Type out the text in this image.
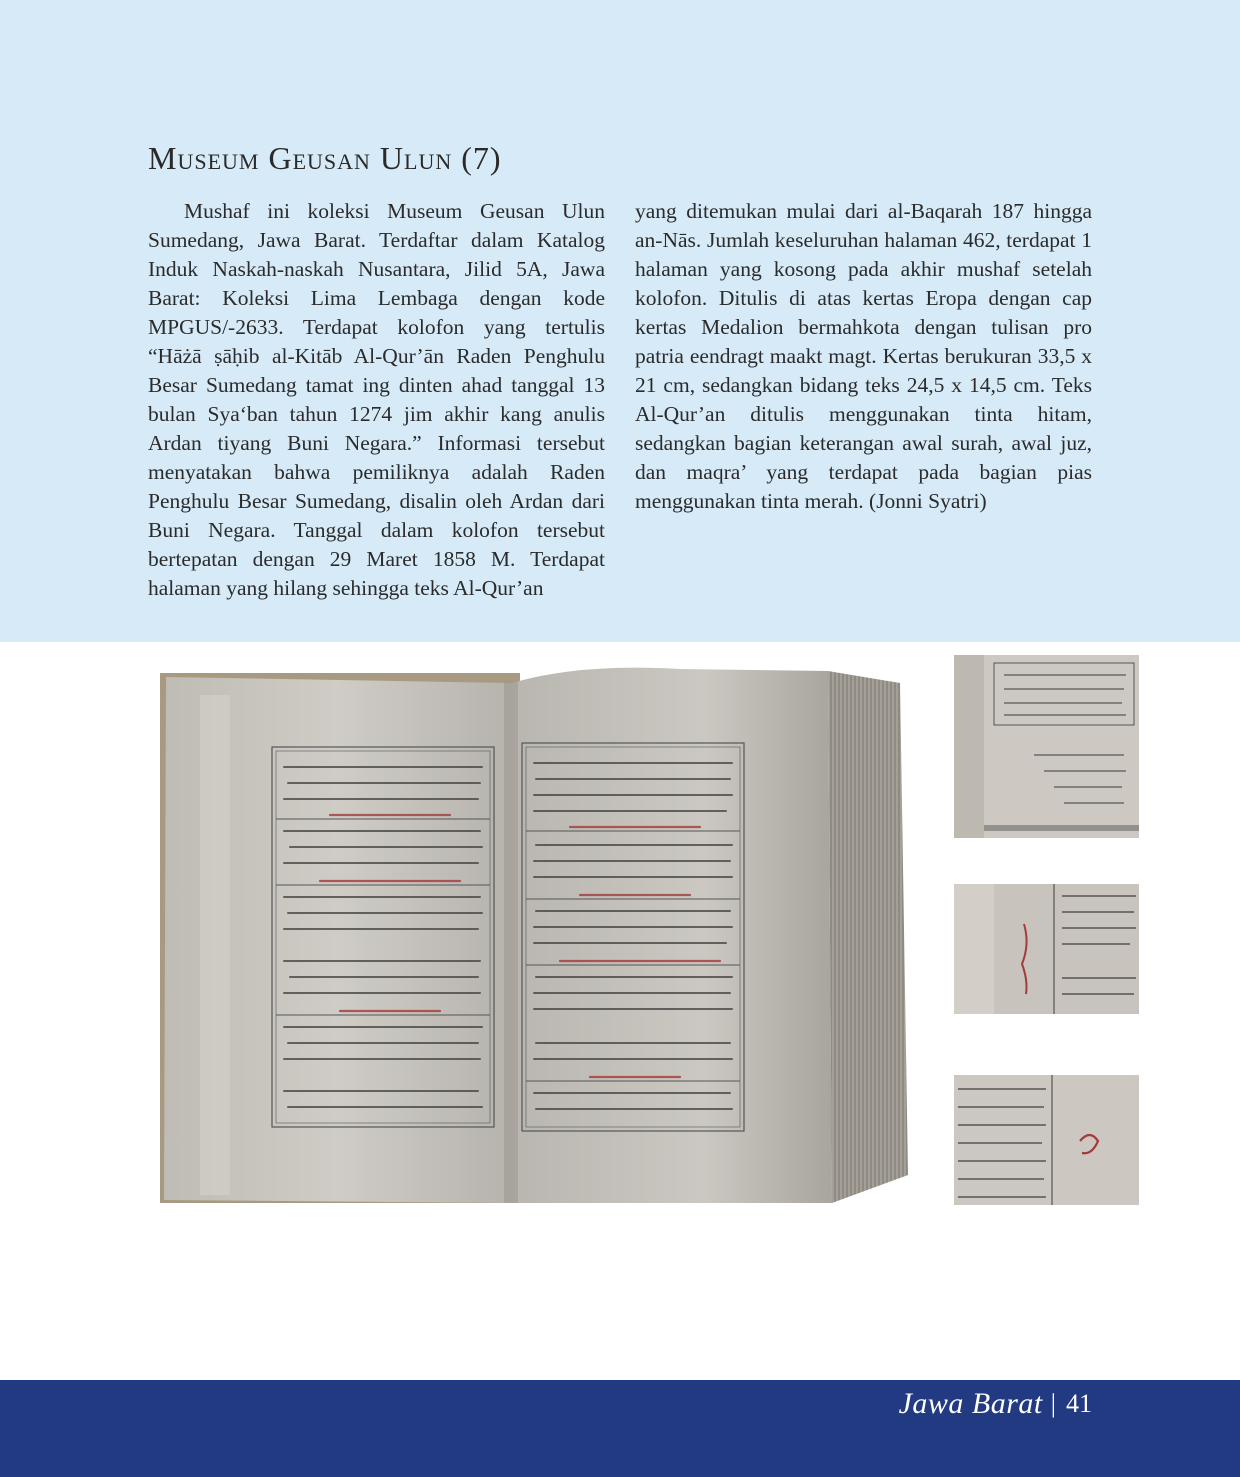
Museum Geusan Ulun (7)

Mushaf ini koleksi Museum Geusan Ulun Sumedang, Jawa Barat. Terdaftar dalam Katalog Induk Naskah-naskah Nusantara, Jilid 5A, Jawa Barat: Koleksi Lima Lembaga dengan kode MPGUS/-2633. Terdapat kolofon yang tertulis “Hāżā ṣāḥib al-Kitāb Al-Qur’ān Raden Penghulu Besar Sumedang tamat ing dinten ahad tanggal 13 bulan Sya‘ban tahun 1274 jim akhir kang anulis Ardan tiyang Buni Negara.” Informasi tersebut menyatakan bahwa pemiliknya adalah Raden Penghulu Besar Sumedang, disalin oleh Ardan dari Buni Negara. Tanggal dalam kolofon tersebut bertepatan dengan 29 Maret 1858 M. Terdapat halaman yang hilang sehingga teks Al-Qur’an

yang ditemukan mulai dari al-Baqarah 187 hingga an-Nās. Jumlah keseluruhan halaman 462, terdapat 1 halaman yang kosong pada akhir mushaf setelah kolofon. Ditulis di atas kertas Eropa dengan cap kertas Medalion bermahkota dengan tulisan pro patria eendragt maakt magt. Kertas berukuran 33,5 x 21 cm, sedangkan bidang teks 24,5 x 14,5 cm. Teks Al-Qur’an ditulis menggunakan tinta hitam, sedangkan bagian keterangan awal surah, awal juz, dan maqra’ yang terdapat pada bagian pias menggunakan tinta merah. (Jonni Syatri)

Jawa Barat | 41
